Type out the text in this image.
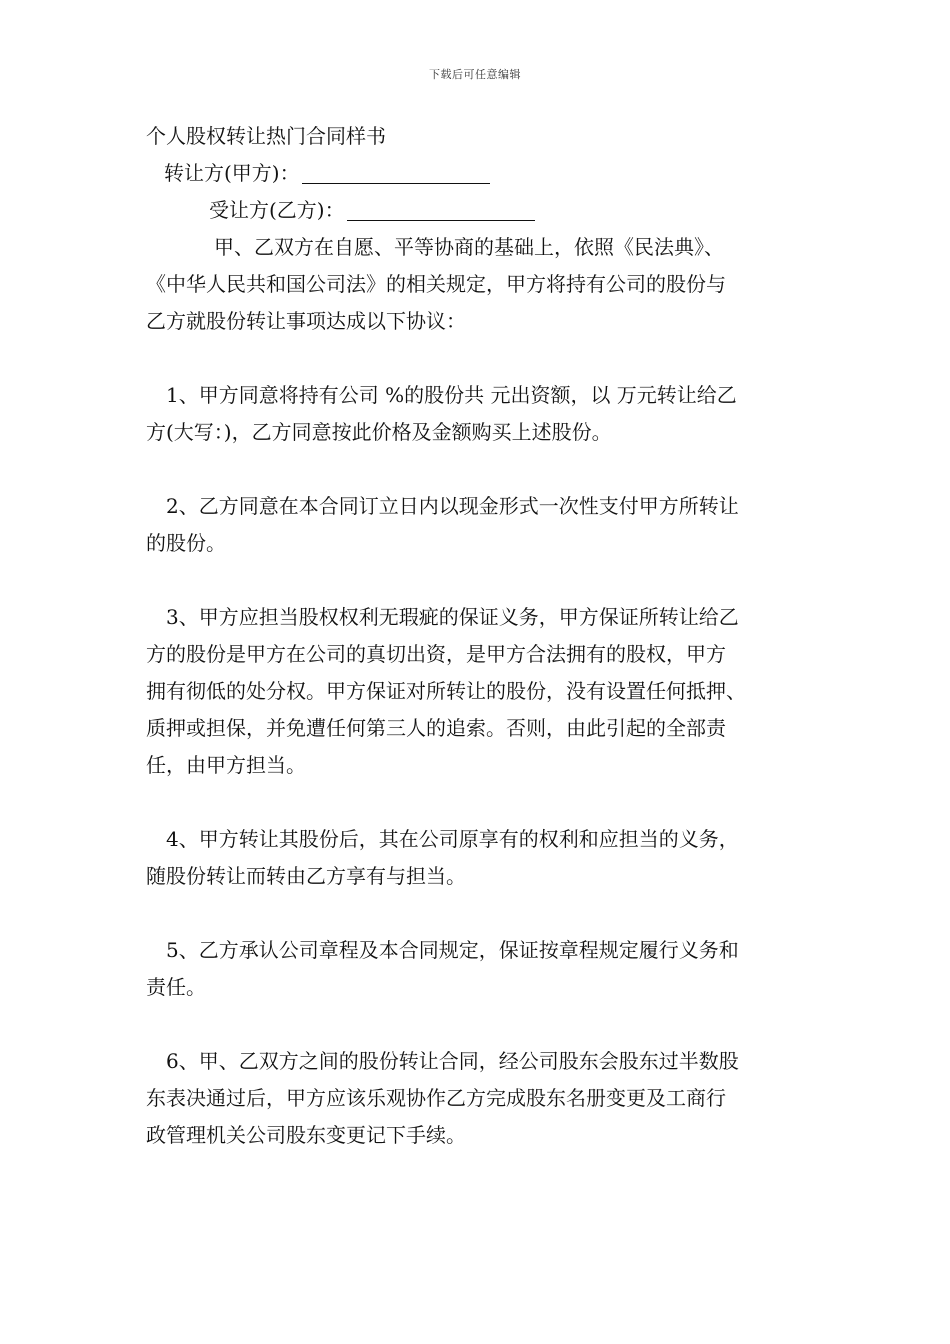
下载后可任意编辑
个人股权转让热门合同样书
转让方(甲方)：
受让方(乙方)：
甲、乙双方在自愿、平等协商的基础上，依照《民法典》、
《中华人民共和国公司法》的相关规定，甲方将持有公司的股份与
乙方就股份转让事项达成以下协议：
1、甲方同意将持有公司 %的股份共 元出资额，以 万元转让给乙
方(大写：)，乙方同意按此价格及金额购买上述股份。
2、乙方同意在本合同订立日内以现金形式一次性支付甲方所转让
的股份。
3、甲方应担当股权权利无瑕疵的保证义务，甲方保证所转让给乙
方的股份是甲方在公司的真切出资，是甲方合法拥有的股权，甲方
拥有彻低的处分权。甲方保证对所转让的股份，没有设置任何抵押、
质押或担保，并免遭任何第三人的追索。否则，由此引起的全部责
任，由甲方担当。
4、甲方转让其股份后，其在公司原享有的权利和应担当的义务，
随股份转让而转由乙方享有与担当。
5、乙方承认公司章程及本合同规定，保证按章程规定履行义务和
责任。
6、甲、乙双方之间的股份转让合同，经公司股东会股东过半数股
东表决通过后，甲方应该乐观协作乙方完成股东名册变更及工商行
政管理机关公司股东变更记下手续。
